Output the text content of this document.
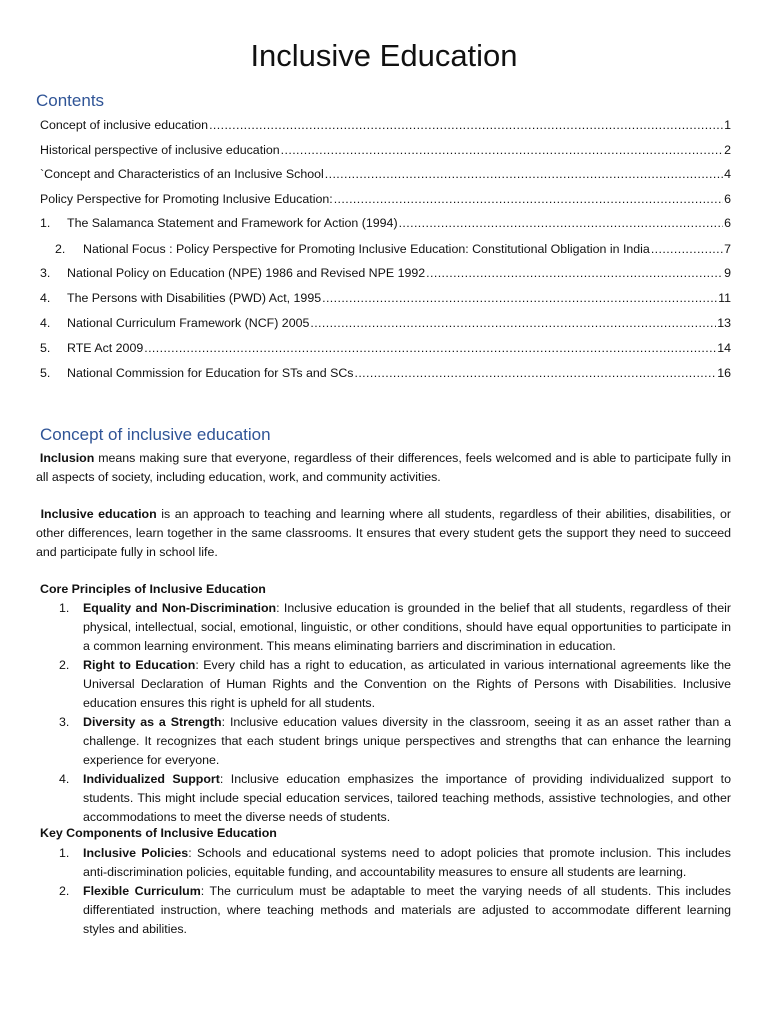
Inclusive Education
Contents
Concept of inclusive education .....	1
Historical perspective of inclusive education .....	2
`Concept and Characteristics of an Inclusive School .....	4
Policy Perspective for Promoting Inclusive Education: .....	6
1.	The Salamanca Statement and Framework for Action (1994) .....	6
2.	National Focus : Policy Perspective for Promoting Inclusive Education: Constitutional Obligation in India .....	7
3.	National Policy on Education (NPE) 1986 and Revised NPE 1992 .....	9
4.	The Persons with Disabilities (PWD) Act, 1995 .....	11
4.	National Curriculum Framework (NCF) 2005 .....	13
5.	RTE Act 2009 .....	14
5.	National Commission for Education for STs and SCs .....	16
Concept of inclusive education
Inclusion means making sure that everyone, regardless of their differences, feels welcomed and is able to participate fully in all aspects of society, including education, work, and community activities.
Inclusive education is an approach to teaching and learning where all students, regardless of their abilities, disabilities, or other differences, learn together in the same classrooms. It ensures that every student gets the support they need to succeed and participate fully in school life.
Core Principles of Inclusive Education
1. Equality and Non-Discrimination: Inclusive education is grounded in the belief that all students, regardless of their physical, intellectual, social, emotional, linguistic, or other conditions, should have equal opportunities to participate in a common learning environment. This means eliminating barriers and discrimination in education.
2. Right to Education: Every child has a right to education, as articulated in various international agreements like the Universal Declaration of Human Rights and the Convention on the Rights of Persons with Disabilities. Inclusive education ensures this right is upheld for all students.
3. Diversity as a Strength: Inclusive education values diversity in the classroom, seeing it as an asset rather than a challenge. It recognizes that each student brings unique perspectives and strengths that can enhance the learning experience for everyone.
4. Individualized Support: Inclusive education emphasizes the importance of providing individualized support to students. This might include special education services, tailored teaching methods, assistive technologies, and other accommodations to meet the diverse needs of students.
Key Components of Inclusive Education
1. Inclusive Policies: Schools and educational systems need to adopt policies that promote inclusion. This includes anti-discrimination policies, equitable funding, and accountability measures to ensure all students are learning.
2. Flexible Curriculum: The curriculum must be adaptable to meet the varying needs of all students. This includes differentiated instruction, where teaching methods and materials are adjusted to accommodate different learning styles and abilities.
